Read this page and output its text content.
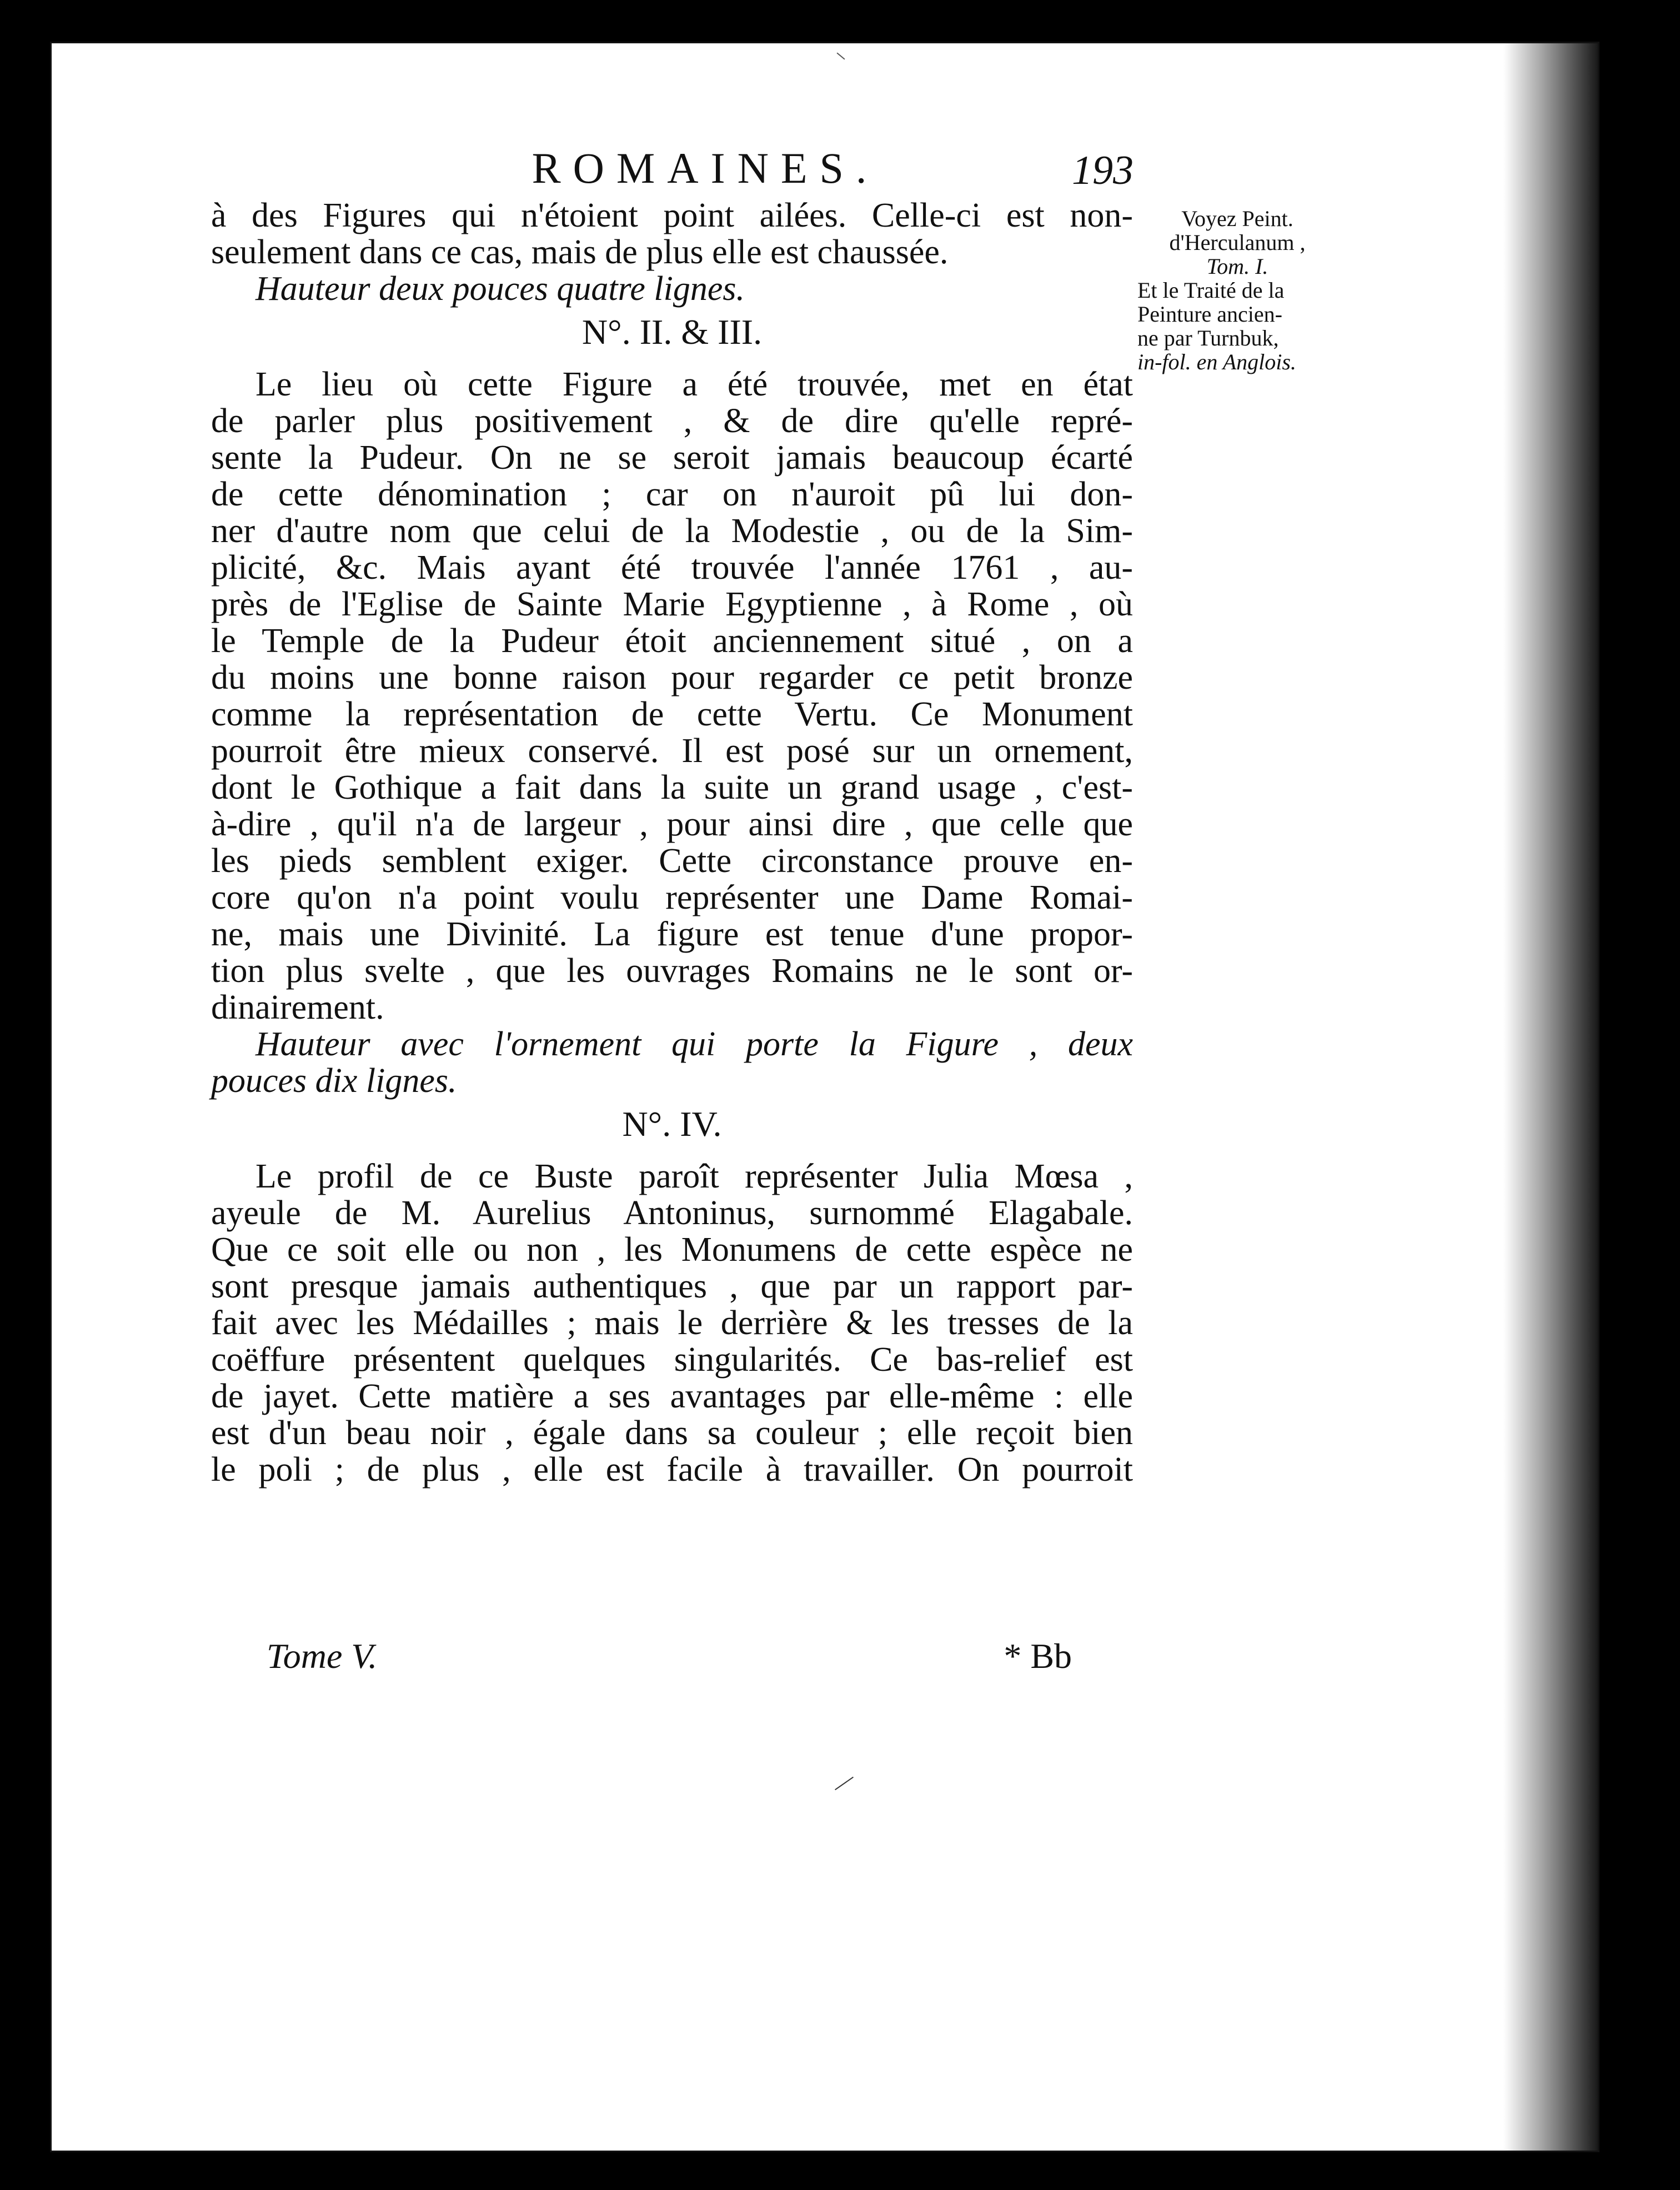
ROMAINES.	193
Voyez Peint.
d'Herculanum ,
Tom. I.
Et le Traité de la
Peinture ancien-
ne par Turnbuk,
in-fol. en Anglois.
à des Figures qui n'étoient point ailées. Celle-ci est non-
seulement dans ce cas, mais de plus elle est chaussée.
Hauteur deux pouces quatre lignes.
N°. II. & III.
Le lieu où cette Figure a été trouvée, met en état
de parler plus positivement , & de dire qu'elle repré-
sente la Pudeur. On ne se seroit jamais beaucoup écarté
de cette dénomination ; car on n'auroit pû lui don-
ner d'autre nom que celui de la Modestie , ou de la Sim-
plicité, &c. Mais ayant été trouvée l'année 1761 , au-
près de l'Eglise de Sainte Marie Egyptienne , à Rome , où
le Temple de la Pudeur étoit anciennement situé , on a
du moins une bonne raison pour regarder ce petit bronze
comme la représentation de cette Vertu. Ce Monument
pourroit être mieux conservé. Il est posé sur un ornement,
dont le Gothique a fait dans la suite un grand usage , c'est-
à-dire , qu'il n'a de largeur , pour ainsi dire , que celle que
les pieds semblent exiger. Cette circonstance prouve en-
core qu'on n'a point voulu représenter une Dame Romai-
ne, mais une Divinité. La figure est tenue d'une propor-
tion plus svelte , que les ouvrages Romains ne le sont or-
dinairement.
Hauteur avec l'ornement qui porte la Figure , deux
pouces dix lignes.
N°. IV.
Le profil de ce Buste paroît représenter Julia Mœsa ,
ayeule de M. Aurelius Antoninus, surnommé Elagabale.
Que ce soit elle ou non , les Monumens de cette espèce ne
sont presque jamais authentiques , que par un rapport par-
fait avec les Médailles ; mais le derrière & les tresses de la
coëffure présentent quelques singularités. Ce bas-relief est
de jayet. Cette matière a ses avantages par elle-même : elle
est d'un beau noir , égale dans sa couleur ; elle reçoit bien
le poli ; de plus , elle est facile à travailler. On pourroit
Tome V.	* Bb
